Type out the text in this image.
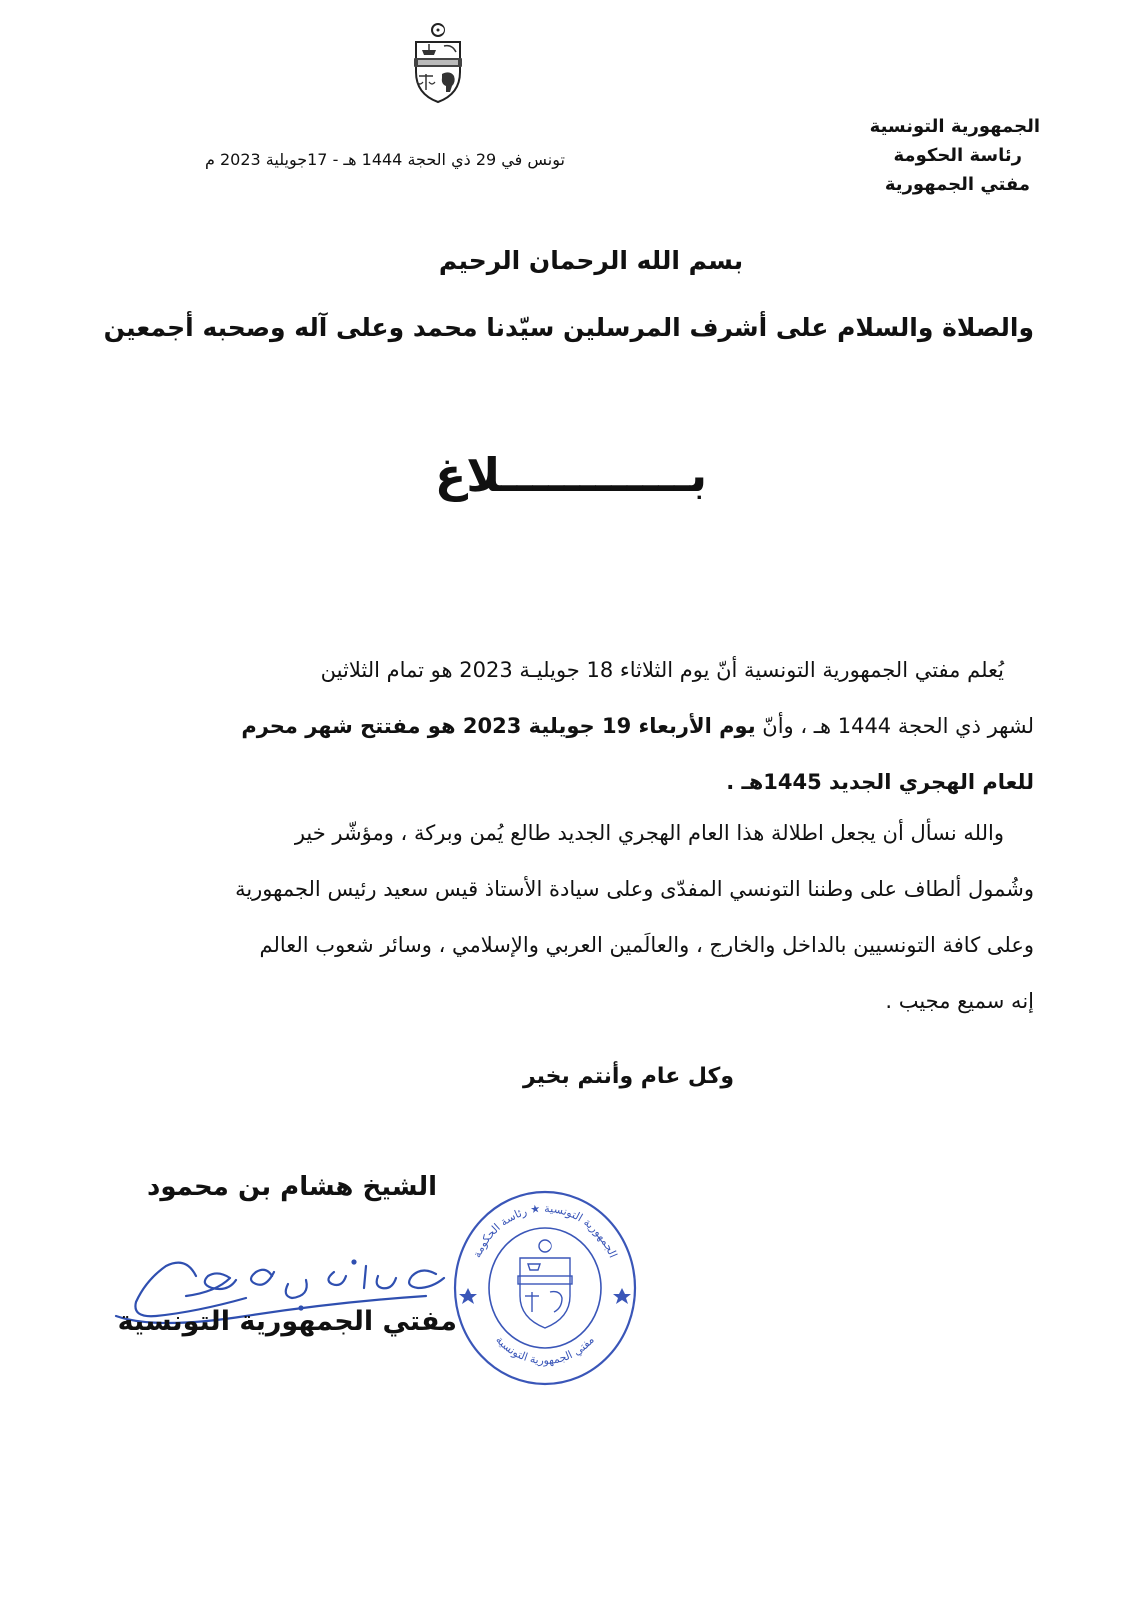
الجمهورية التونسية
رئاسة الحكومة
مفتي الجمهورية
تونس في 29 ذي الحجة 1444 هـ - 17جويلية 2023 م
بسم الله الرحمان الرحيم
والصلاة والسلام على أشرف المرسلين سيّدنا محمد وعلى آله وصحبه أجمعين
بــــــــــــلاغ
يُعلم مفتي الجمهورية التونسية أنّ يوم الثلاثاء 18 جويليـة 2023 هو تمام الثلاثين
لشهر ذي الحجة 1444 هـ ، وأنّ يوم الأربعاء 19 جويلية 2023 هو مفتتح شهر محرم
للعام الهجري الجديد 1445هـ .
والله نسأل أن يجعل اطلالة هذا العام الهجري الجديد طالع يُمن وبركة ، ومؤشّر خير
وشُمول ألطاف على وطننا التونسي المفدّى وعلى سيادة الأستاذ قيس سعيد رئيس الجمهورية
وعلى كافة التونسيين بالداخل والخارج ، والعالَمين العربي والإسلامي ، وسائر شعوب العالم
إنه سميع مجيب .
وكل عام وأنتم بخير
الشيخ هشام بن محمود
الجمهورية التونسية ★ رئاسة الحكومة
مفتي الجمهورية التونسية
مفتي الجمهورية التونسية
